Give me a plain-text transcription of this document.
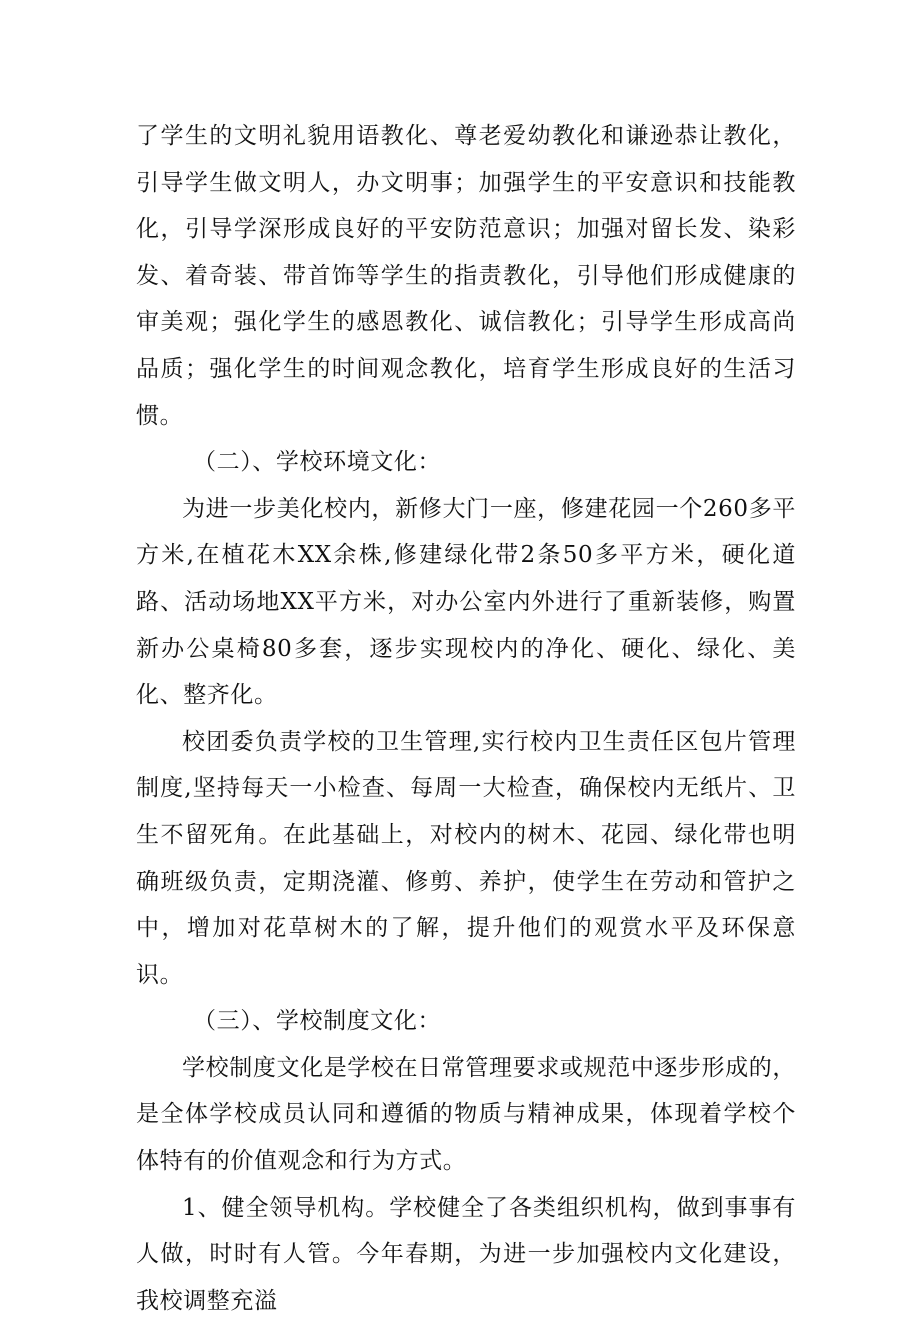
了学生的文明礼貌用语教化、尊老爱幼教化和谦逊恭让教化，引导学生做文明人，办文明事；加强学生的平安意识和技能教化，引导学深形成良好的平安防范意识；加强对留长发、染彩发、着奇装、带首饰等学生的指责教化，引导他们形成健康的审美观；强化学生的感恩教化、诚信教化；引导学生形成高尚品质；强化学生的时间观念教化，培育学生形成良好的生活习惯。

（二）、学校环境文化：

为进一步美化校内，新修大门一座，修建花园一个260多平方米,在植花木XX余株,修建绿化带2条50多平方米，硬化道路、活动场地XX平方米，对办公室内外进行了重新装修，购置新办公桌椅80多套，逐步实现校内的净化、硬化、绿化、美化、整齐化。

校团委负责学校的卫生管理,实行校内卫生责任区包片管理制度,坚持每天一小检查、每周一大检查，确保校内无纸片、卫生不留死角。在此基础上，对校内的树木、花园、绿化带也明确班级负责，定期浇灌、修剪、养护，使学生在劳动和管护之中，增加对花草树木的了解，提升他们的观赏水平及环保意识。

（三）、学校制度文化：

学校制度文化是学校在日常管理要求或规范中逐步形成的，是全体学校成员认同和遵循的物质与精神成果，体现着学校个体特有的价值观念和行为方式。

1、健全领导机构。学校健全了各类组织机构，做到事事有人做，时时有人管。今年春期，为进一步加强校内文化建设，我校调整充溢
